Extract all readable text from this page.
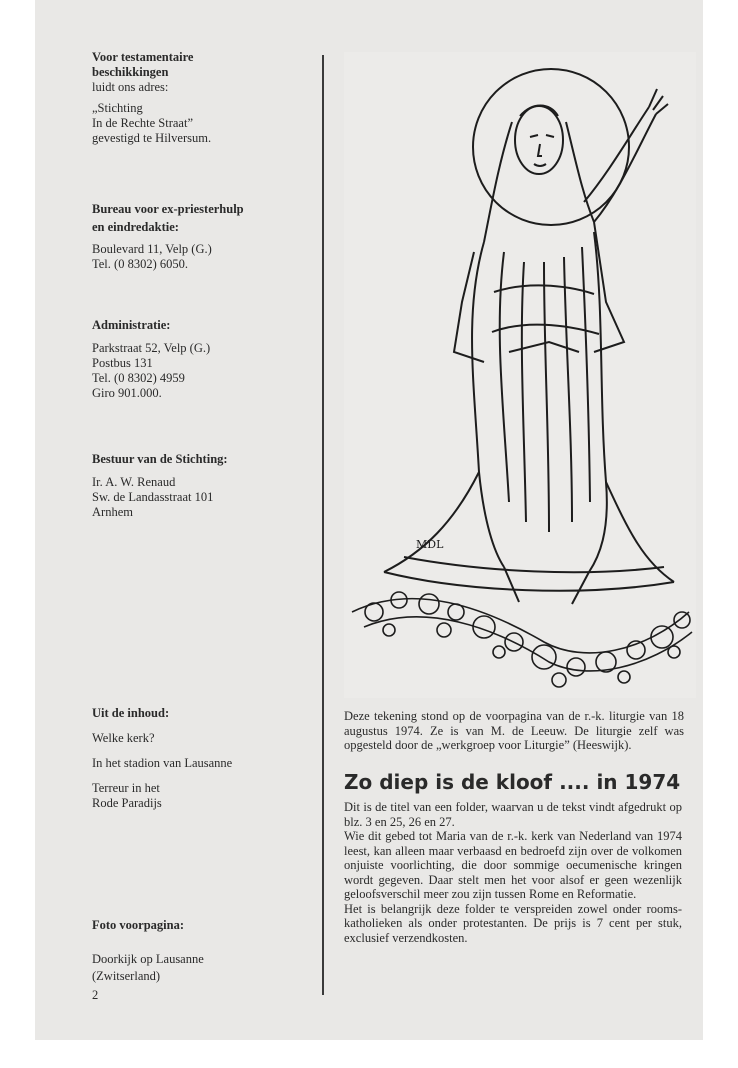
Voor testamentaire

beschikkingen

luidt ons adres:

„Stichting

In de Rechte Straat”

gevestigd te Hilversum.

Bureau voor ex-priesterhulp

en eindredaktie:

Boulevard 11, Velp (G.)

Tel. (0 8302) 6050.

Administratie:

Parkstraat 52, Velp (G.)

Postbus 131

Tel. (0 8302) 4959

Giro 901.000.

Bestuur van de Stichting:

Ir. A. W. Renaud

Sw. de Landasstraat 101

Arnhem

Uit de inhoud:

Welke kerk?

In het stadion van Lausanne

Terreur in het

Rode Paradijs

Foto voorpagina:

Doorkijk op Lausanne

(Zwitserland)

2
MDL

Deze tekening stond op de voorpagina van de r.-k. liturgie van 18 augustus 1974. Ze is van M. de Leeuw. De liturgie zelf was opgesteld door de „werkgroep voor Liturgie” (Heeswijk).

Zo diep is de kloof .... in 1974

Dit is de titel van een folder, waarvan u de tekst vindt afgedrukt op blz. 3 en 25, 26 en 27.

Wie dit gebed tot Maria van de r.-k. kerk van Nederland van 1974 leest, kan alleen maar verbaasd en bedroefd zijn over de volkomen onjuiste voorlichting, die door sommige oecumenische kringen wordt gegeven. Daar stelt men het voor alsof er geen wezenlijk geloofsverschil meer zou zijn tussen Rome en Reformatie.

Het is belangrijk deze folder te verspreiden zowel onder rooms-katholieken als onder protestanten. De prijs is 7 cent per stuk, exclusief verzendkosten.
